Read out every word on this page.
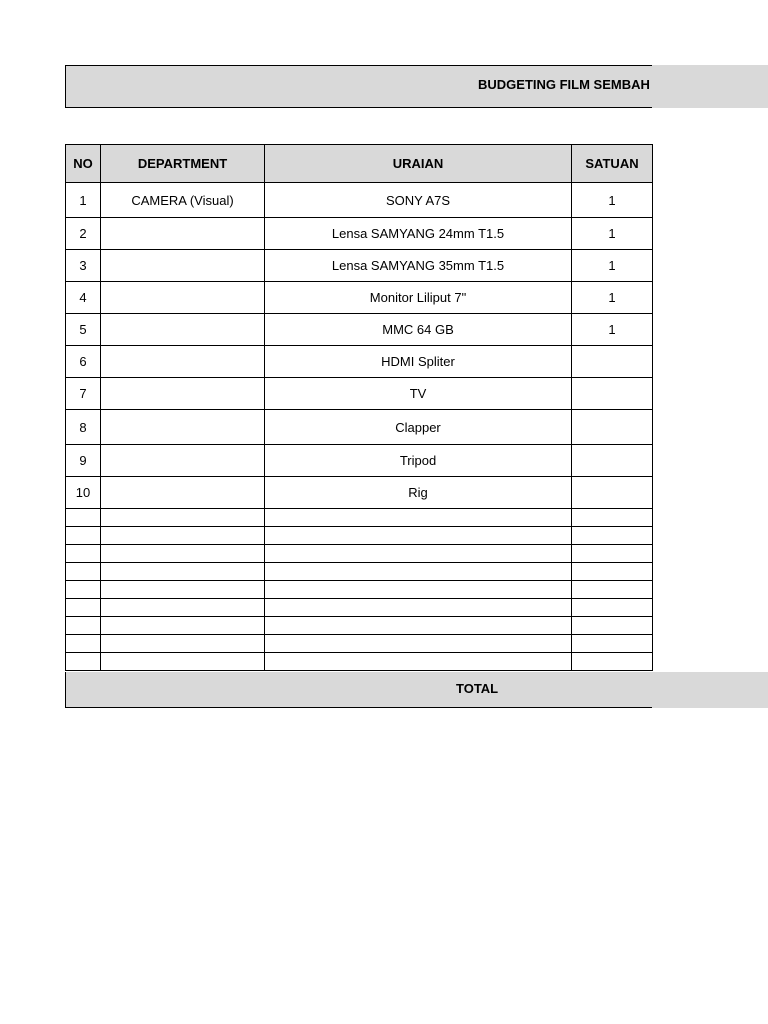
BUDGETING FILM SEMBAH
NO	DEPARTMENT	URAIAN	SATUAN
1	CAMERA (Visual)	SONY A7S	1
2		Lensa SAMYANG 24mm T1.5	1
3		Lensa SAMYANG 35mm T1.5	1
4		Monitor Liliput 7"	1
5		MMC 64 GB	1
6		HDMI Spliter	
7		TV	
8		Clapper	
9		Tripod	
10		Rig	

TOTAL
